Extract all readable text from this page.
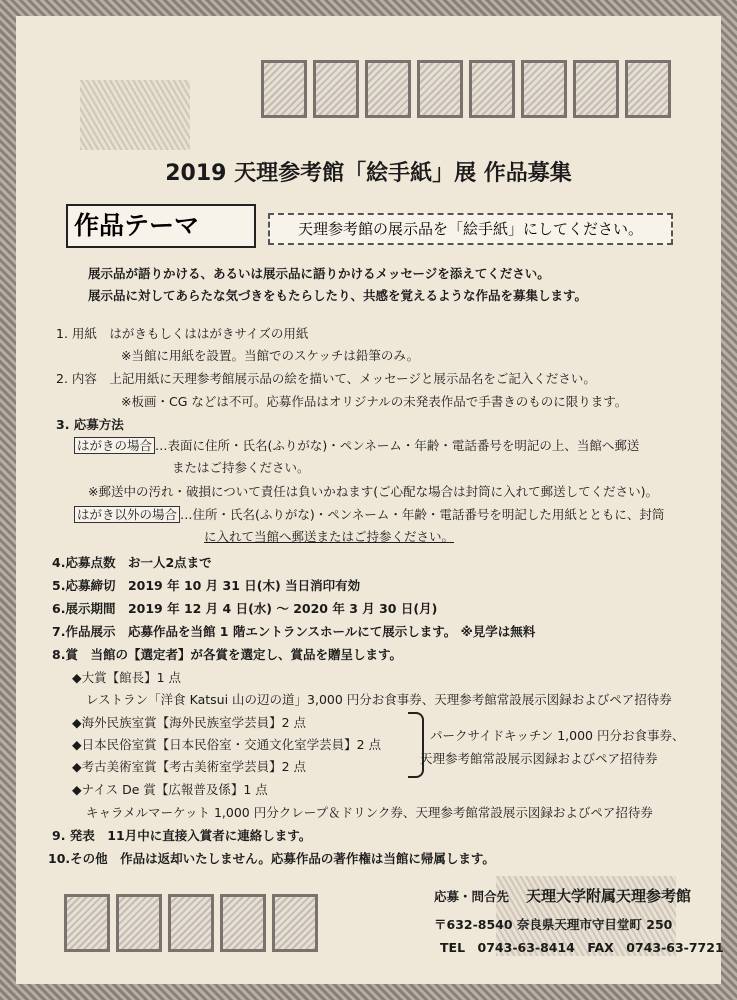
2019 天理参考館「絵手紙」展 作品募集
作品テーマ	天理参考館の展示品を「絵手紙」にしてください。
展示品が語りかける、あるいは展示品に語りかけるメッセージを添えてください。
展示品に対してあらたな気づきをもたらしたり、共感を覚えるような作品を募集します。
1. 用紙　はがきもしくははがきサイズの用紙
※当館に用紙を設置。当館でのスケッチは鉛筆のみ。
2. 内容　上記用紙に天理参考館展示品の絵を描いて、メッセージと展示品名をご記入ください。
※板画・CG などは不可。応募作品はオリジナルの未発表作品で手書きのものに限ります。
3. 応募方法
はがきの場合 …表面に住所・氏名(ふりがな)・ペンネーム・年齢・電話番号を明記の上、当館へ郵送
またはご持参ください。
※郵送中の汚れ・破損について責任は負いかねます(ご心配な場合は封筒に入れて郵送してください)。
はがき以外の場合 …住所・氏名(ふりがな)・ペンネーム・年齢・電話番号を明記した用紙とともに、封筒
に入れて当館へ郵送またはご持参ください。
4.応募点数　お一人2点まで
5.応募締切　2019 年 10 月 31 日(木) 当日消印有効
6.展示期間　2019 年 12 月 4 日(水) ～ 2020 年 3 月 30 日(月)
7.作品展示　応募作品を当館 1 階エントランスホールにて展示します。 ※見学は無料
8.賞　当館の【選定者】が各賞を選定し、賞品を贈呈します。
◆大賞【館長】1 点
レストラン「洋食 Katsui 山の辺の道」3,000 円分お食事券、天理参考館常設展示図録およびペア招待券
◆海外民族室賞【海外民族室学芸員】2 点
◆日本民俗室賞【日本民俗室・交通文化室学芸員】2 点
◆考古美術室賞【考古美術室学芸員】2 点
パークサイドキッチン 1,000 円分お食事券、
天理参考館常設展示図録およびペア招待券
◆ナイス De 賞【広報普及係】1 点
キャラメルマーケット 1,000 円分クレープ＆ドリンク券、天理参考館常設展示図録およびペア招待券
9. 発表　11月中に直接入賞者に連絡します。
10.その他　作品は返却いたしません。応募作品の著作権は当館に帰属します。
応募・問合先 天理大学附属天理参考館
〒632-8540 奈良県天理市守目堂町 250
TEL　0743-63-8414　FAX　0743-63-7721
